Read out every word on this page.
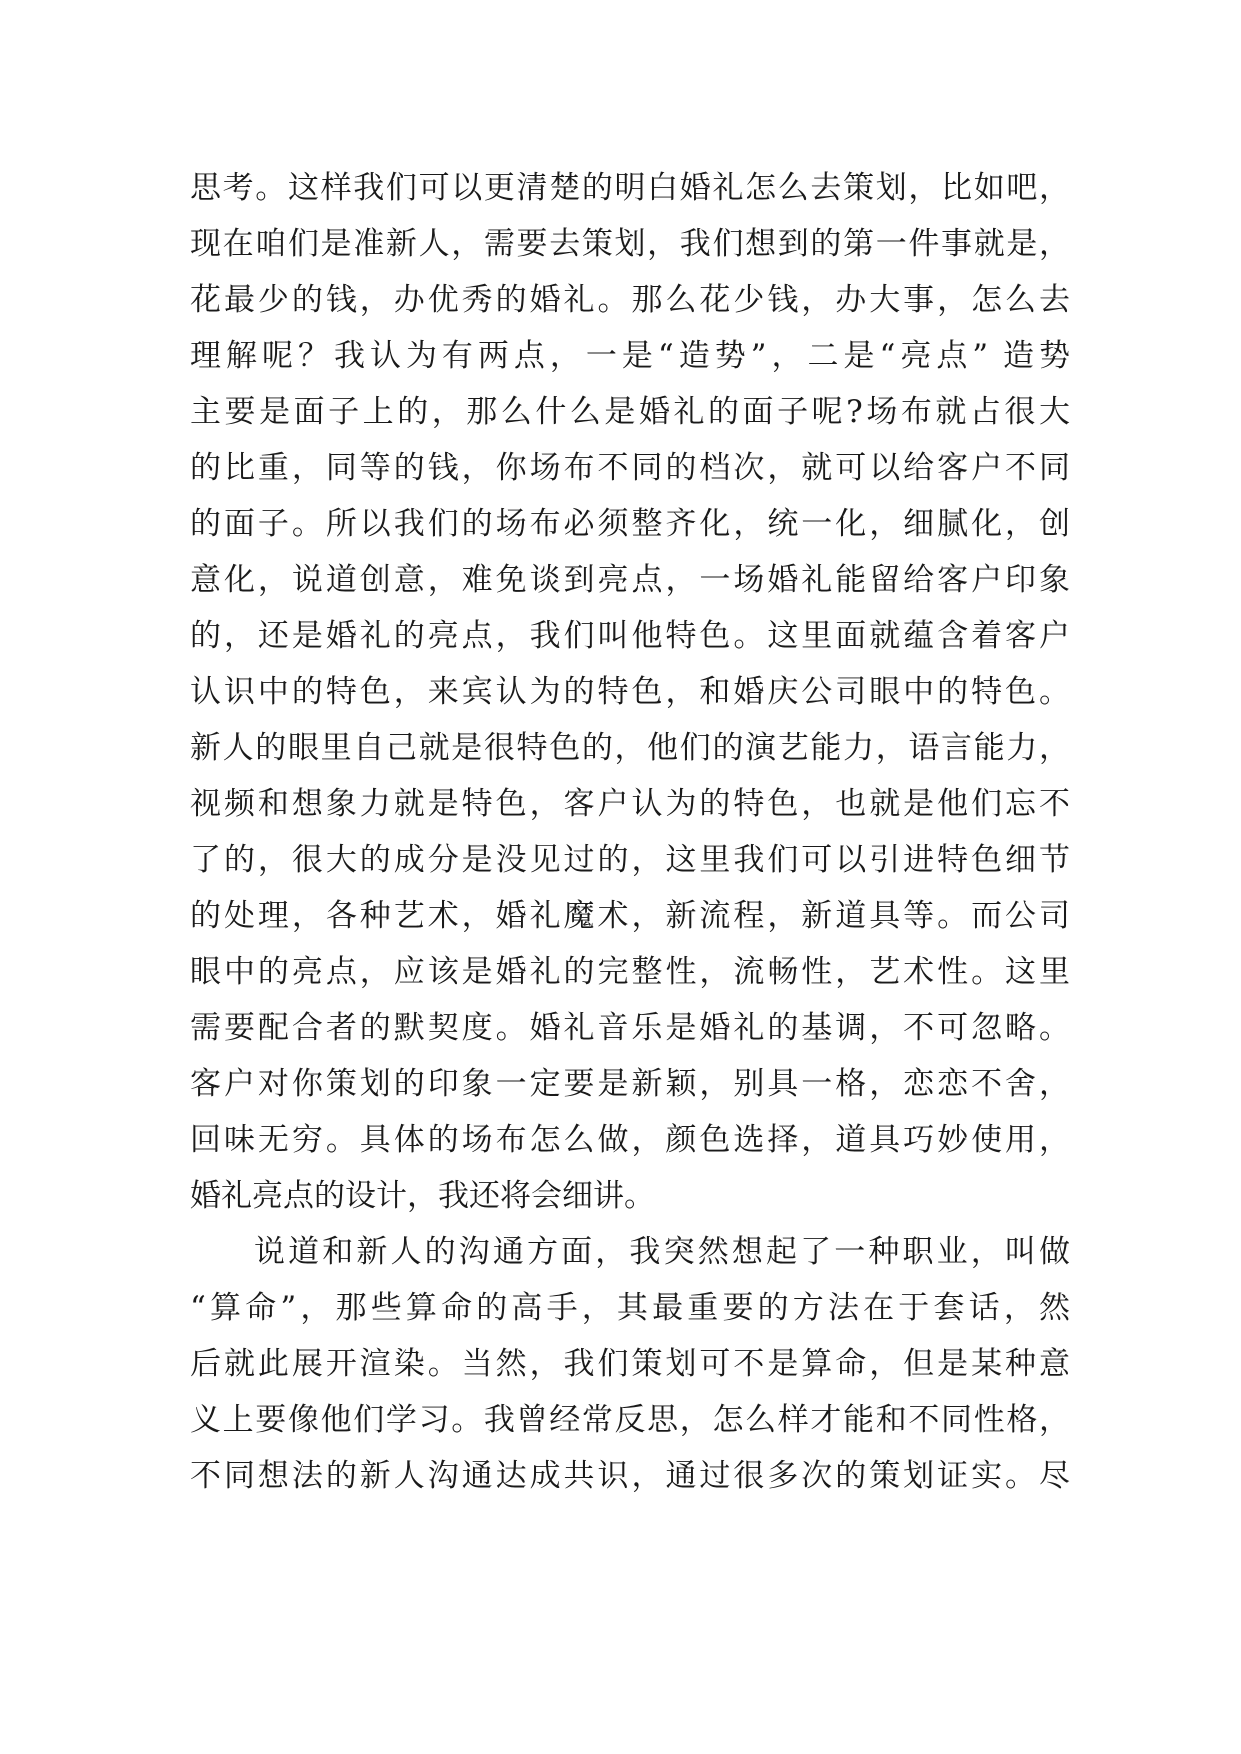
思考。这样我们可以更清楚的明白婚礼怎么去策划，比如吧，
现在咱们是准新人，需要去策划，我们想到的第一件事就是，
花最少的钱，办优秀的婚礼。那么花少钱，办大事，怎么去
理解呢？我认为有两点，一是“造势”，二是“亮点” 造势
主要是面子上的，那么什么是婚礼的面子呢?场布就占很大
的比重，同等的钱，你场布不同的档次，就可以给客户不同
的面子。所以我们的场布必须整齐化，统一化，细腻化，创
意化，说道创意，难免谈到亮点，一场婚礼能留给客户印象
的，还是婚礼的亮点，我们叫他特色。这里面就蕴含着客户
认识中的特色，来宾认为的特色，和婚庆公司眼中的特色。
新人的眼里自己就是很特色的，他们的演艺能力，语言能力，
视频和想象力就是特色，客户认为的特色，也就是他们忘不
了的，很大的成分是没见过的，这里我们可以引进特色细节
的处理，各种艺术，婚礼魔术，新流程，新道具等。而公司
眼中的亮点，应该是婚礼的完整性，流畅性，艺术性。这里
需要配合者的默契度。婚礼音乐是婚礼的基调，不可忽略。
客户对你策划的印象一定要是新颖，别具一格，恋恋不舍，
回味无穷。具体的场布怎么做，颜色选择，道具巧妙使用，
婚礼亮点的设计，我还将会细讲。
说道和新人的沟通方面，我突然想起了一种职业，叫做
“算命”，那些算命的高手，其最重要的方法在于套话，然
后就此展开渲染。当然，我们策划可不是算命，但是某种意
义上要像他们学习。我曾经常反思，怎么样才能和不同性格，
不同想法的新人沟通达成共识，通过很多次的策划证实。尽
